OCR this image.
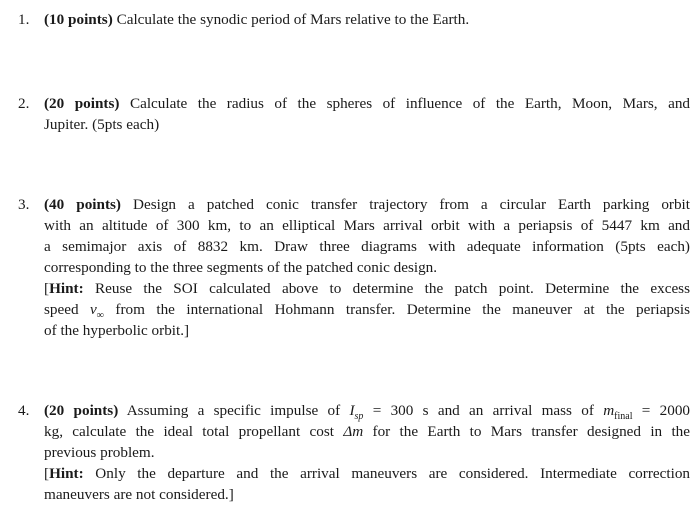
1. (10 points) Calculate the synodic period of Mars relative to the Earth.
2. (20 points) Calculate the radius of the spheres of influence of the Earth, Moon, Mars, and
Jupiter. (5pts each)
3. (40 points) Design a patched conic transfer trajectory from a circular Earth parking orbit
with an altitude of 300 km, to an elliptical Mars arrival orbit with a periapsis of 5447 km and
a semimajor axis of 8832 km. Draw three diagrams with adequate information (5pts each)
corresponding to the three segments of the patched conic design.
[Hint: Reuse the SOI calculated above to determine the patch point. Determine the excess
speed $v_\infty$ from the international Hohmann transfer. Determine the maneuver at the periapsis
of the hyperbolic orbit.]
4. (20 points) Assuming a specific impulse of $I_{sp} = 300$ s and an arrival mass of $m_{final} = 2000$
kg, calculate the ideal total propellant cost Δm for the Earth to Mars transfer designed in the
previous problem.
[Hint: Only the departure and the arrival maneuvers are considered. Intermediate correction
maneuvers are not considered.]
